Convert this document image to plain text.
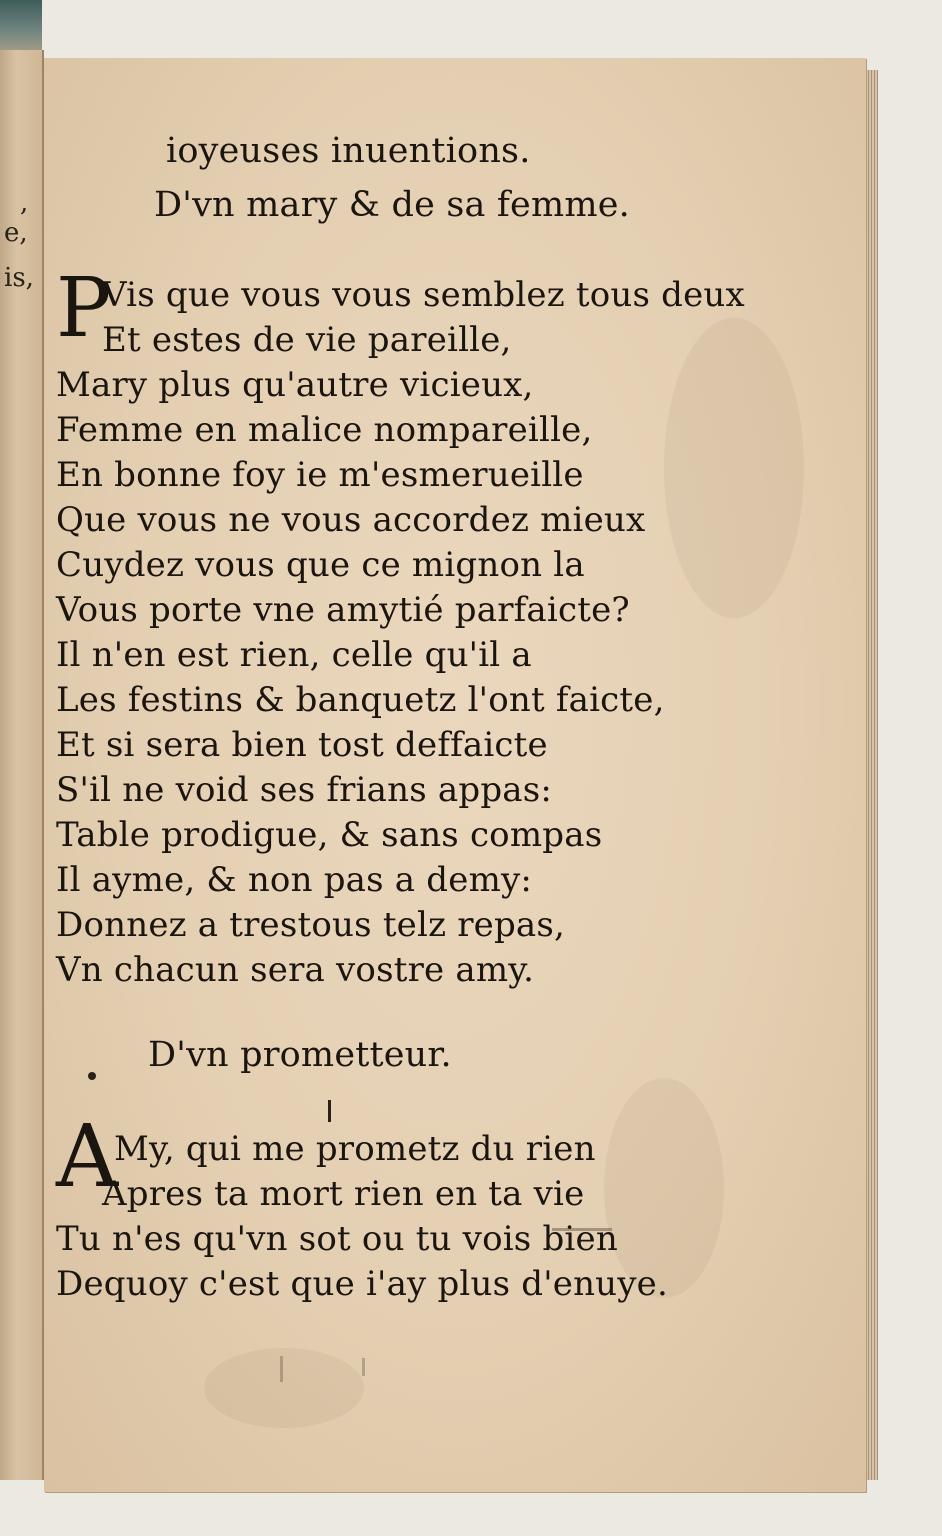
,
e,
is,
ioyeuses inuentions.
D'vn mary & de sa femme.
P
Vis que vous vous semblez tous deux
Et estes de vie pareille,
Mary plus qu'autre vicieux,
Femme en malice nompareille,
En bonne foy ie m'esmerueille
Que vous ne vous accordez mieux
Cuydez vous que ce mignon la
Vous porte vne amytié parfaicte?
Il n'en est rien, celle qu'il a
Les festins & banquetz l'ont faicte,
Et si sera bien tost deffaicte
S'il ne void ses frians appas:
Table prodigue, & sans compas
Il ayme, & non pas a demy:
Donnez a trestous telz repas,
Vn chacun sera vostre amy.
D'vn prometteur.
A
My, qui me prometz du rien
Apres ta mort rien en ta vie
Tu n'es qu'vn sot ou tu vois bien
Dequoy c'est que i'ay plus d'enuye.
